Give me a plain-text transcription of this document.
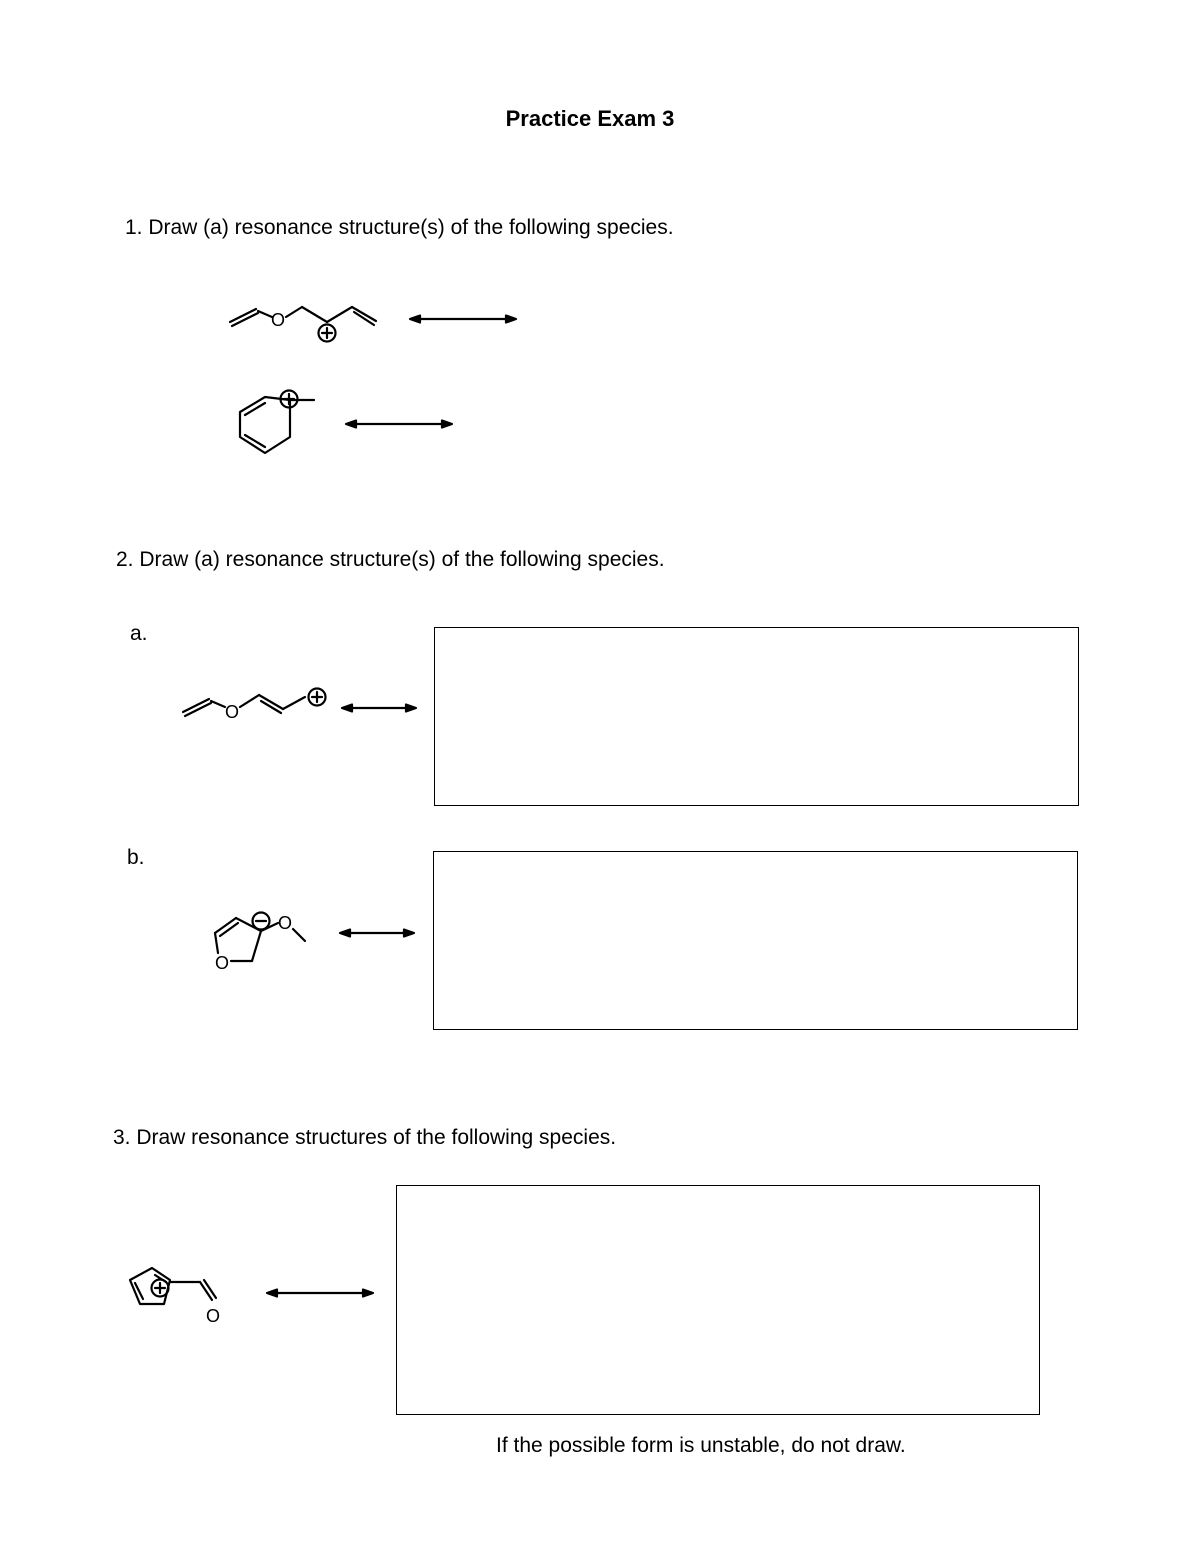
Practice Exam 3
1. Draw (a) resonance structure(s) of the following species.
O
2. Draw (a) resonance structure(s) of the following species.
a.
O
b.
O
O
3. Draw resonance structures of the following species.
O
If the possible form is unstable, do not draw.
